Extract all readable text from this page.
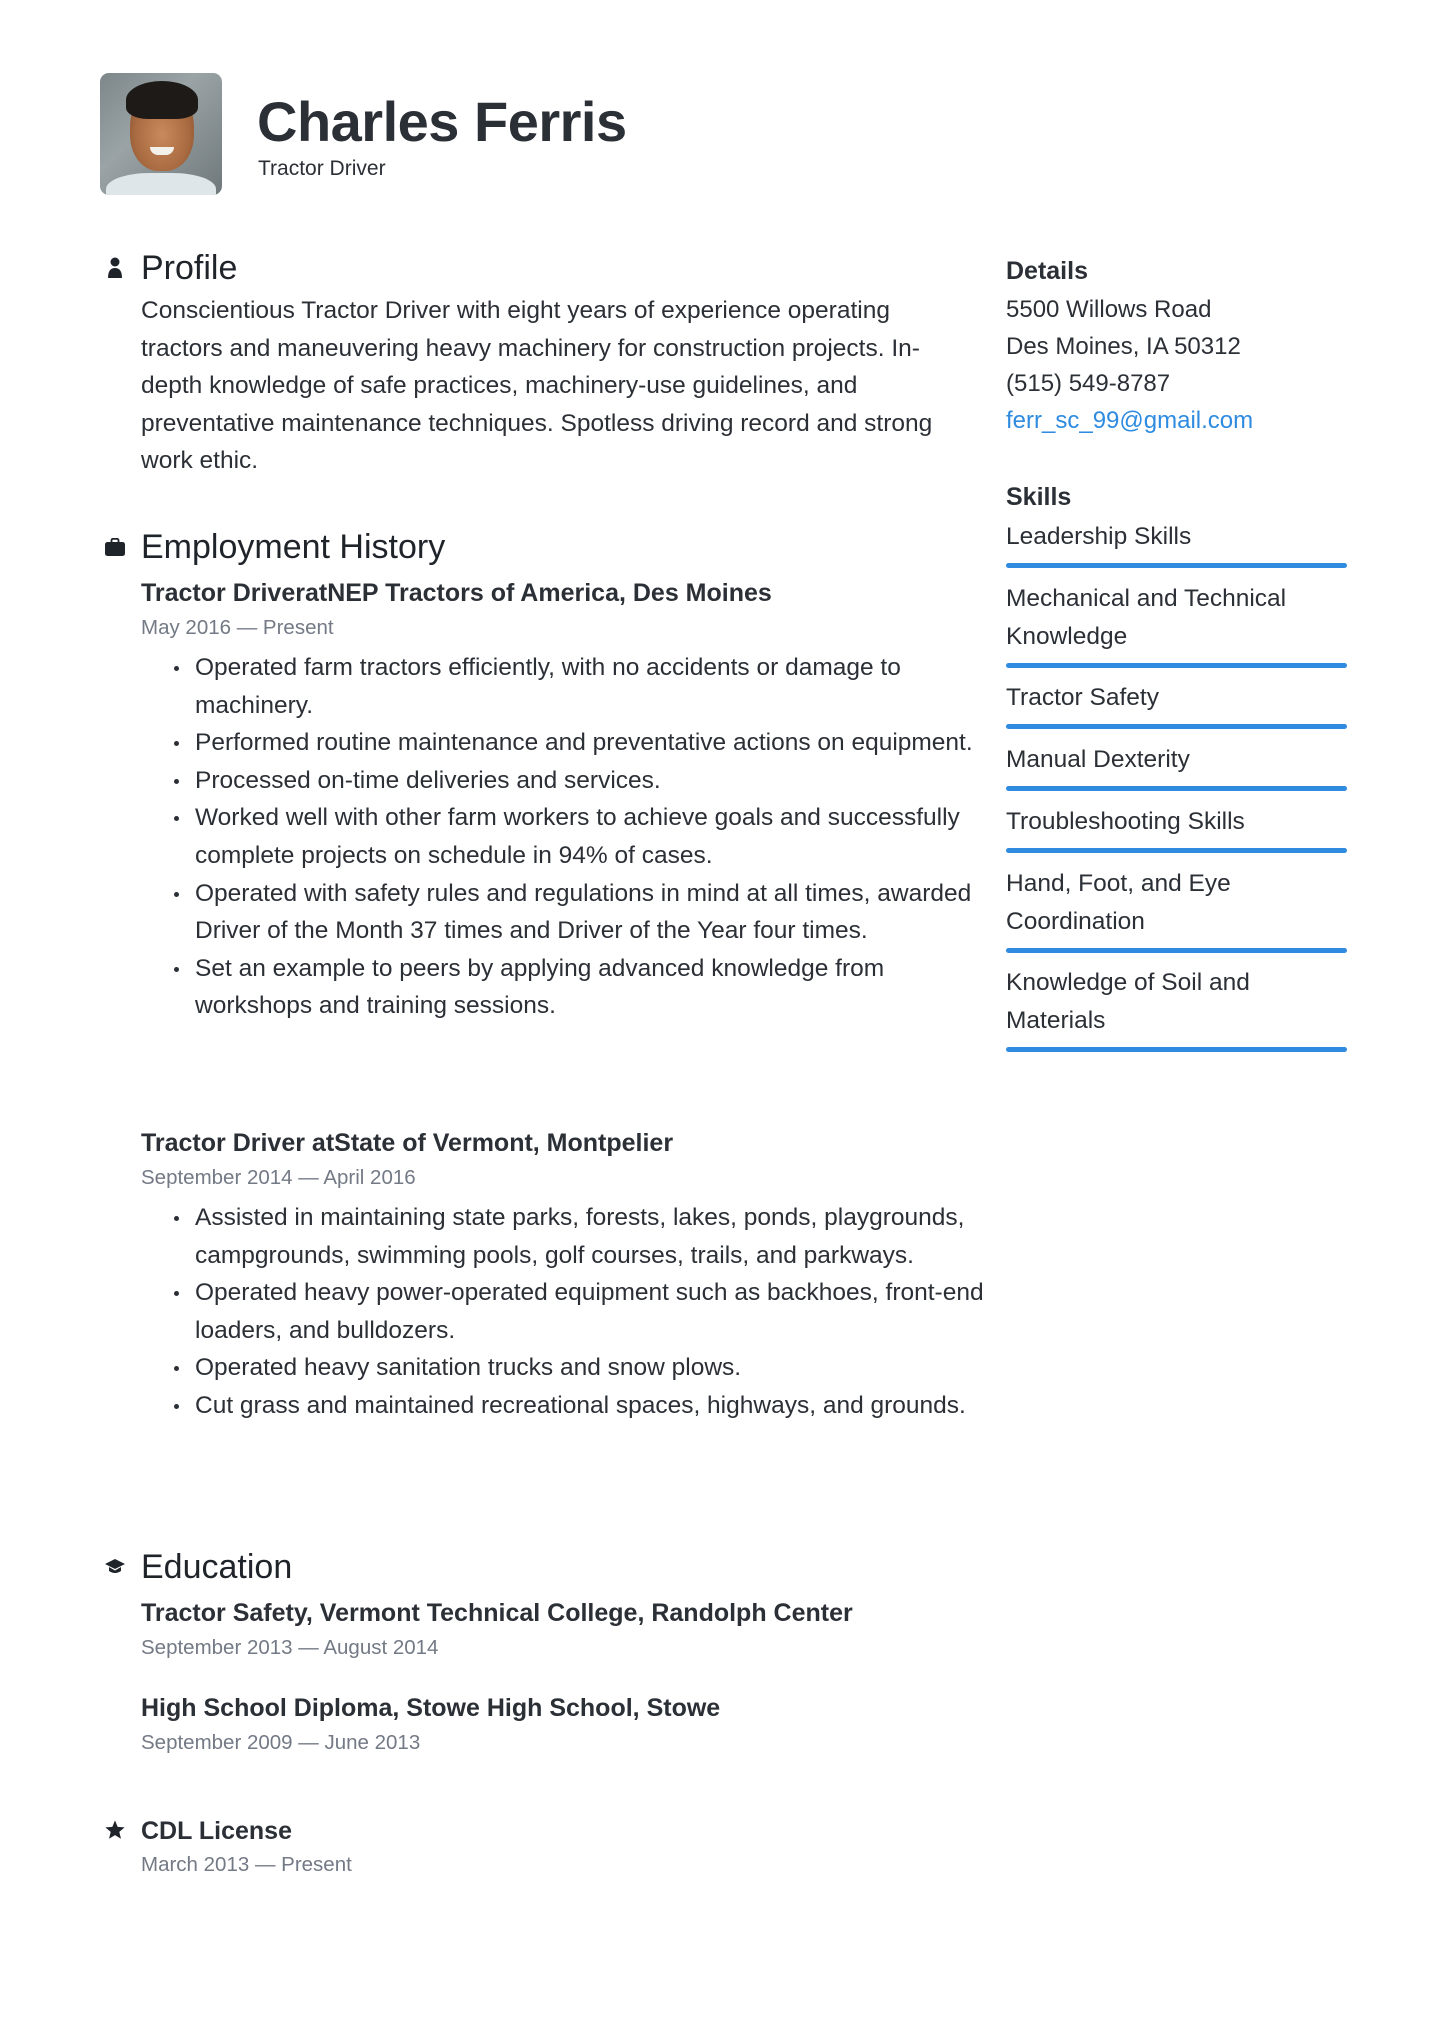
Charles Ferris
Tractor Driver
Profile
Conscientious Tractor Driver with eight years of experience operating tractors and maneuvering heavy machinery for construction projects. In-depth knowledge of safe practices, machinery-use guidelines, and preventative maintenance techniques. Spotless driving record and strong work ethic.
Employment History
Tractor DriveratNEP Tractors of America, Des Moines
May 2016 — Present
Operated farm tractors efficiently, with no accidents or damage to machinery.
Performed routine maintenance and preventative actions on equipment.
Processed on-time deliveries and services.
Worked well with other farm workers to achieve goals and successfully complete projects on schedule in 94% of cases.
Operated with safety rules and regulations in mind at all times, awarded Driver of the Month 37 times and Driver of the Year four times.
Set an example to peers by applying advanced knowledge from workshops and training sessions.
Tractor Driver atState of Vermont, Montpelier
September 2014 — April 2016
Assisted in maintaining state parks, forests, lakes, ponds, playgrounds, campgrounds, swimming pools, golf courses, trails, and parkways.
Operated heavy power-operated equipment such as backhoes, front-end loaders, and bulldozers.
Operated heavy sanitation trucks and snow plows.
Cut grass and maintained recreational spaces, highways, and grounds.
Education
Tractor Safety, Vermont Technical College, Randolph Center
September 2013 — August 2014
High School Diploma, Stowe High School, Stowe
September 2009 — June 2013
CDL License
March 2013 — Present
Details
5500 Willows Road
Des Moines, IA 50312
(515) 549-8787
ferr_sc_99@gmail.com
Skills
Leadership Skills
Mechanical and Technical Knowledge
Tractor Safety
Manual Dexterity
Troubleshooting Skills
Hand, Foot, and Eye Coordination
Knowledge of Soil and Materials
